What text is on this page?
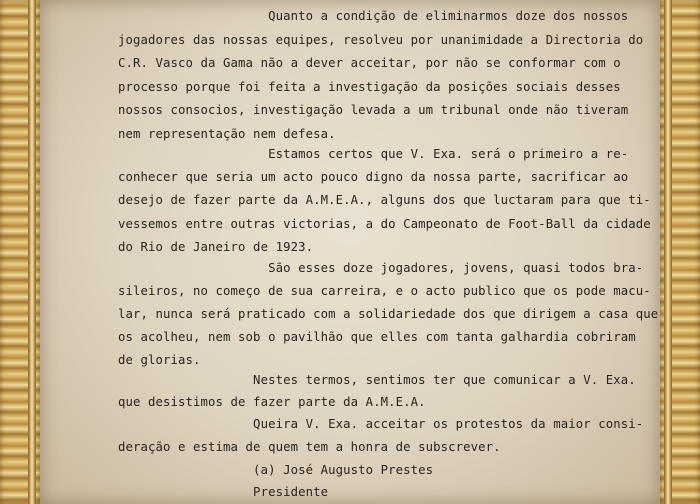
Quanto a condição de eliminarmos doze dos nossos

jogadores das nossas equipes, resolveu por unanimidade a Directoria do

C.R. Vasco da Gama não a dever acceitar, por não se conformar com o

processo porque foi feita a investigação da posições sociais desses

nossos consocios, investigação levada a um tribunal onde não tiveram

nem representação nem defesa.

Estamos certos que V. Exa. será o primeiro a re-

conhecer que seria um acto pouco digno da nossa parte, sacrificar ao

desejo de fazer parte da A.M.E.A., alguns dos que luctaram para que ti-

vessemos entre outras victorias, a do Campeonato de Foot-Ball da cidade

do Rio de Janeiro de 1923.

São esses doze jogadores, jovens, quasi todos bra-

sileiros, no começo de sua carreira, e o acto publico que os pode macu-

lar, nunca será praticado com a solidariedade dos que dirigem a casa que

os acolheu, nem sob o pavilhão que elles com tanta galhardia cobriram

de glorias.

Nestes termos, sentimos ter que comunicar a V. Exa.

que desistimos de fazer parte da A.M.E.A.

Queira V. Exa. acceitar os protestos da maior consi-

deração e estima de quem tem a honra de subscrever.

(a) José Augusto Prestes

Presidente
